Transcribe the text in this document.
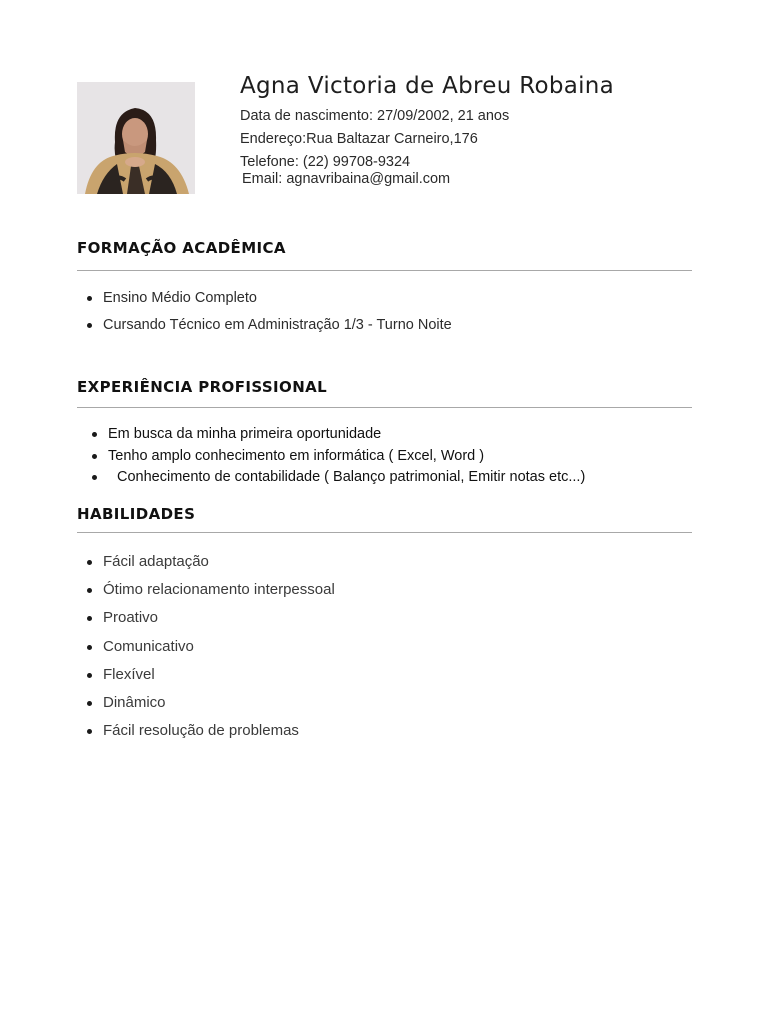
Agna Victoria de Abreu Robaina
Data de nascimento: 27/09/2002, 21 anos
Endereço:Rua Baltazar Carneiro,176
Telefone: (22) 99708-9324
Email: agnavribaina@gmail.com
FORMAÇÃO ACADÊMICA
Ensino Médio Completo
Cursando Técnico em Administração 1/3 - Turno Noite
EXPERIÊNCIA PROFISSIONAL
Em busca da minha primeira oportunidade
Tenho amplo conhecimento em informática ( Excel, Word )
Conhecimento de contabilidade ( Balanço patrimonial, Emitir notas etc...)
HABILIDADES
Fácil adaptação
Ótimo relacionamento interpessoal
Proativo
Comunicativo
Flexível
Dinâmico
Fácil resolução de problemas
